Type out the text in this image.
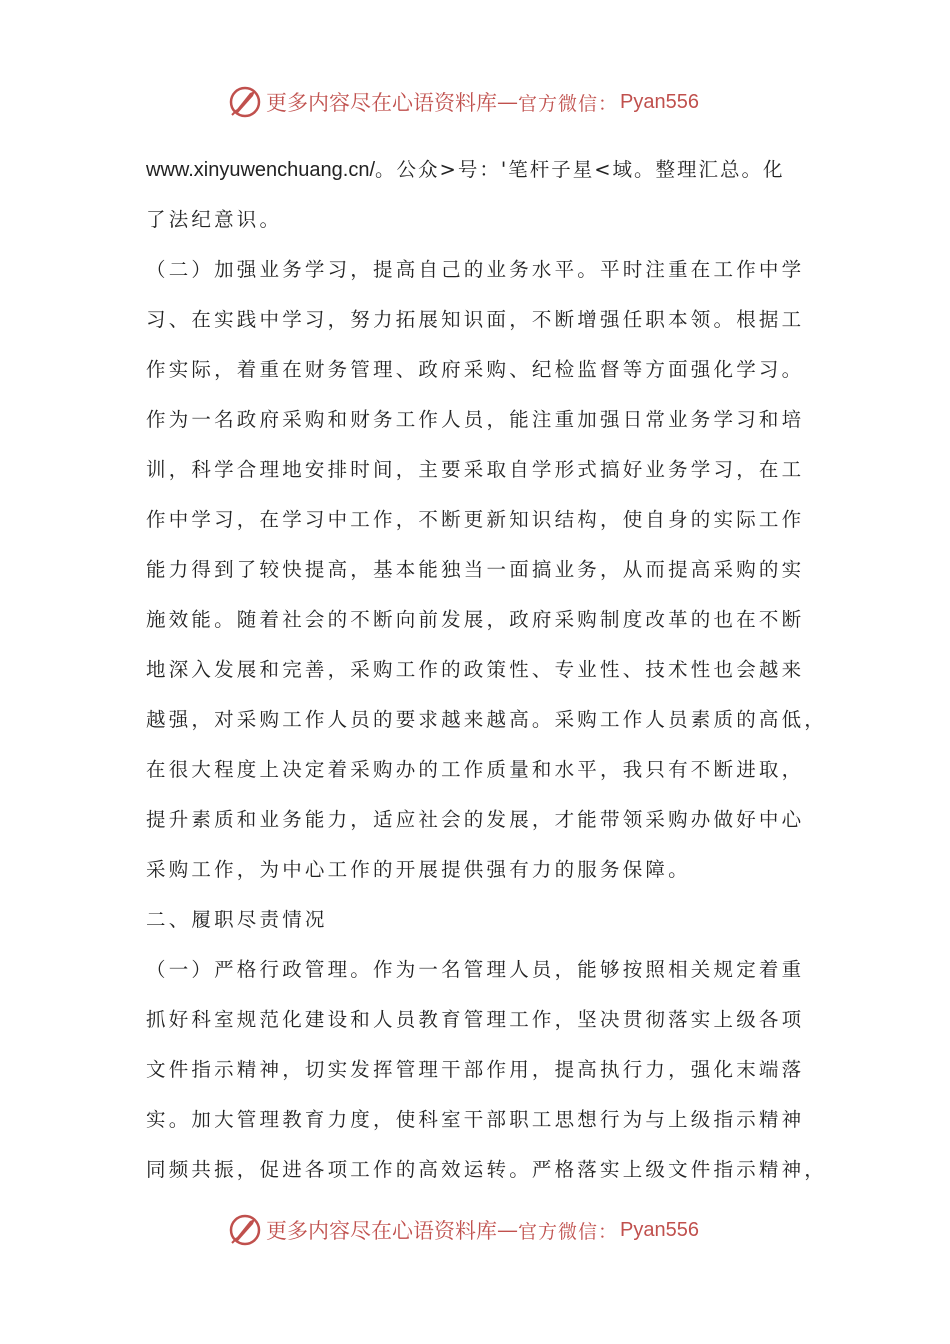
更多内容尽在心语资料库 — 官方微信： Pyan556
www.xinyuwenchuang.cn/。公众>号：'笔杆子星<域。整理汇总。化
了法纪意识。
（二）加强业务学习，提高自己的业务水平。平时注重在工作中学
习、在实践中学习，努力拓展知识面，不断增强任职本领。根据工
作实际，着重在财务管理、政府采购、纪检监督等方面强化学习。
作为一名政府采购和财务工作人员，能注重加强日常业务学习和培
训，科学合理地安排时间，主要采取自学形式搞好业务学习，在工
作中学习，在学习中工作，不断更新知识结构，使自身的实际工作
能力得到了较快提高，基本能独当一面搞业务，从而提高采购的实
施效能。随着社会的不断向前发展，政府采购制度改革的也在不断
地深入发展和完善，采购工作的政策性、专业性、技术性也会越来
越强，对采购工作人员的要求越来越高。采购工作人员素质的高低，
在很大程度上决定着采购办的工作质量和水平，我只有不断进取，
提升素质和业务能力，适应社会的发展，才能带领采购办做好中心
采购工作，为中心工作的开展提供强有力的服务保障。
二、履职尽责情况
（一）严格行政管理。作为一名管理人员，能够按照相关规定着重
抓好科室规范化建设和人员教育管理工作，坚决贯彻落实上级各项
文件指示精神，切实发挥管理干部作用，提高执行力，强化末端落
实。加大管理教育力度，使科室干部职工思想行为与上级指示精神
同频共振，促进各项工作的高效运转。严格落实上级文件指示精神，
更多内容尽在心语资料库 — 官方微信： Pyan556
